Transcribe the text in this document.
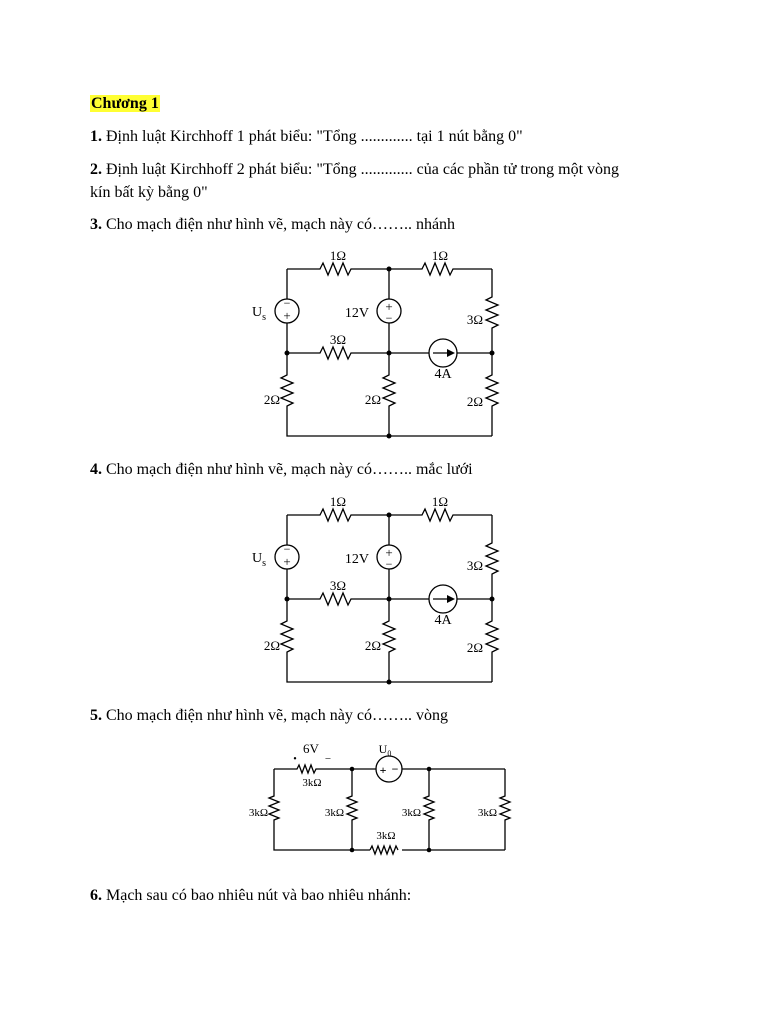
Chương 1
1. Định luật Kirchhoff 1 phát biểu: "Tổng ............. tại 1 nút bằng 0"
2. Định luật Kirchhoff 2 phát biểu: "Tổng ............. của các phần tử trong một vòng
kín bất kỳ bằng 0"
3. Cho mạch điện như hình vẽ, mạch này có…….. nhánh
1Ω	1Ω
3Ω
3Ω
2Ω	2Ω	2Ω
$U_s$
−
+	12V +
−
4A
4. Cho mạch điện như hình vẽ, mạch này có…….. mắc lưới
1Ω	1Ω
3Ω
3Ω
2Ω	2Ω	2Ω
$U_s$
−
+	12V +
−
4A
5. Cho mạch điện như hình vẽ, mạch này có…….. vòng
6V
•	−
3kΩ
$U_0$
+ −
3kΩ	3kΩ	3kΩ	3kΩ
3kΩ
6. Mạch sau có bao nhiêu nút và bao nhiêu nhánh:
